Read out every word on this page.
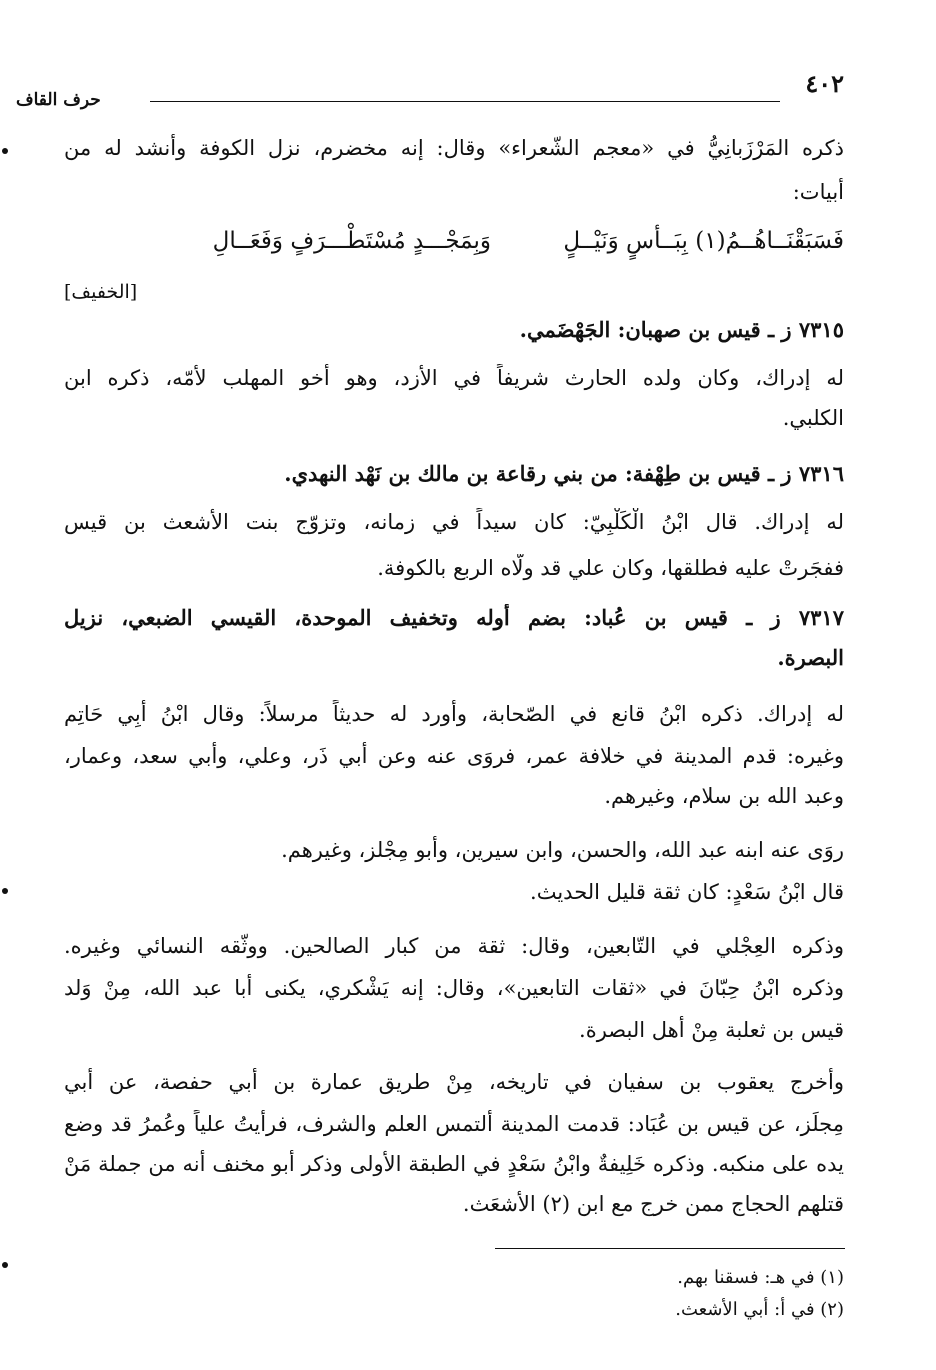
٤٠٢
حرف القاف
ذكره المَرْزَبانِيُّ في «معجم الشّعراء» وقال: إنه مخضرم، نزل الكوفة وأنشد له من
أبيات:
فَسَبَقْنَــاهُــمُ(١) بِبَــأسٍ وَنَيْــلٍ
وَبِمَجْـــدٍ مُسْتَطْـــرَفٍ وَفَعَــالِ
[الخفيف]
٧٣١٥ ز ـ قيس بن صهبان: الجَهْضَمي.
له إدراك، وكان ولده الحارث شريفاً في الأزد، وهو أخو المهلب لأمّه، ذكره ابن
الكلبي.
٧٣١٦ ز ـ قيس بن طِهْفة: من بني رقاعة بن مالك بن نَهْد النهدي.
له إدراك. قال ابْنُ الْكَلْبِيّ: كان سيداً في زمانه، وتزوّج بنت الأشعث بن قيس
ففجَرتْ عليه فطلقها، وكان علي قد ولّاه الربع بالكوفة.
٧٣١٧ ز ـ قيس بن عُباد: بضم أوله وتخفيف الموحدة، القيسي الضبعي، نزيل
البصرة.
له إدراك. ذكره ابْنُ قانع في الصّحابة، وأورد له حديثاً مرسلاً: وقال ابْنُ أَبِي حَاتِم
وغيره: قدم المدينة في خلافة عمر، فروَى عنه وعن أبي ذَر، وعلي، وأبي سعد، وعمار،
وعبد الله بن سلام، وغيرهم.
روَى عنه ابنه عبد الله، والحسن، وابن سيرين، وأبو مِجْلز، وغيرهم.
قال ابْنُ سَعْدٍ: كان ثقة قليل الحديث.
وذكره العِجْلي في التّابعين، وقال: ثقة من كبار الصالحين. ووثّقه النسائي وغيره.
وذكره ابْنُ حِبّانَ في «ثقات التابعين»، وقال: إنه يَشْكري، يكنى أبا عبد الله، مِنْ وَلد
قيس بن ثعلبة مِنْ أهل البصرة.
وأخرج يعقوب بن سفيان في تاريخه، مِنْ طريق عمارة بن أبي حفصة، عن أبي
مِجلَز، عن قيس بن عُبَاد: قدمت المدينة ألتمس العلم والشرف، فرأيتُ علياً وعُمرُ قد وضع
يده على منكبه. وذكره خَلِيفةٌ وابْنُ سَعْدٍ في الطبقة الأولى وذكر أبو مخنف أنه من جملة مَنْ
قتلهم الحجاج ممن خرج مع ابن (٢) الأشعَث.
(١) في هـ: فسقنا بهم.
(٢) في أ: أبي الأشعث.
